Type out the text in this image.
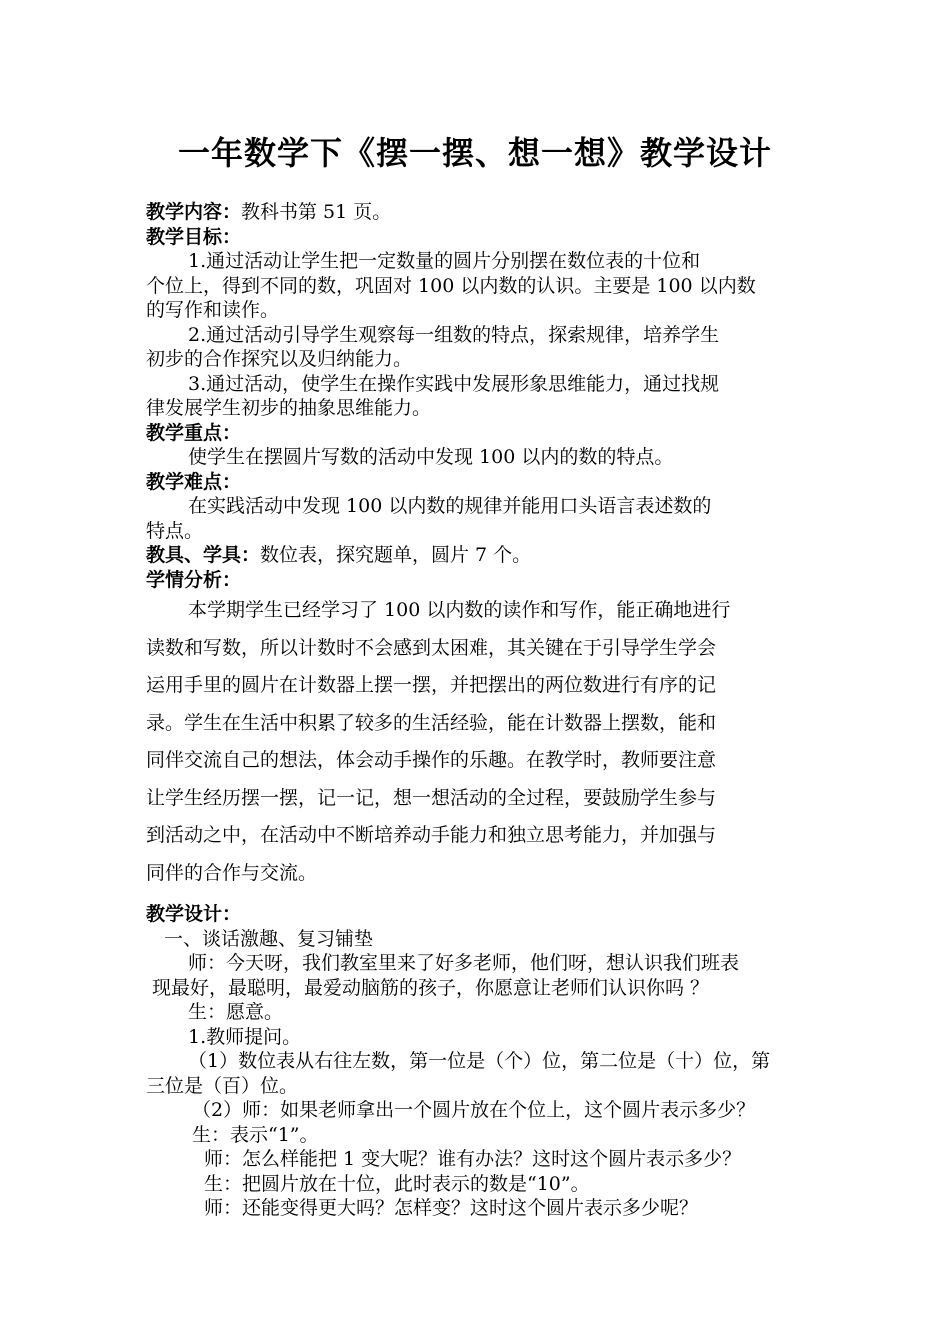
一年数学下《摆一摆、想一想》教学设计
教学内容：教科书第 51 页。
教学目标：
1.通过活动让学生把一定数量的圆片分别摆在数位表的十位和
个位上，得到不同的数，巩固对 100 以内数的认识。主要是 100 以内数
的写作和读作。
2.通过活动引导学生观察每一组数的特点，探索规律，培养学生
初步的合作探究以及归纳能力。
3.通过活动，使学生在操作实践中发展形象思维能力，通过找规
律发展学生初步的抽象思维能力。
教学重点：
使学生在摆圆片写数的活动中发现 100 以内的数的特点。
教学难点：
在实践活动中发现 100 以内数的规律并能用口头语言表述数的
特点。
教具、学具：数位表，探究题单，圆片 7 个。
学情分析：
本学期学生已经学习了 100 以内数的读作和写作，能正确地进行
读数和写数，所以计数时不会感到太困难，其关键在于引导学生学会
运用手里的圆片在计数器上摆一摆，并把摆出的两位数进行有序的记
录。学生在生活中积累了较多的生活经验，能在计数器上摆数，能和
同伴交流自己的想法，体会动手操作的乐趣。在教学时，教师要注意
让学生经历摆一摆，记一记，想一想活动的全过程，要鼓励学生参与
到活动之中，在活动中不断培养动手能力和独立思考能力，并加强与
同伴的合作与交流。
教学设计：
一、谈话激趣、复习铺垫
师：今天呀，我们教室里来了好多老师，他们呀，想认识我们班表
现最好，最聪明，最爱动脑筋的孩子，你愿意让老师们认识你吗 ？
生：愿意。
1.教师提问。
（1）数位表从右往左数，第一位是（个）位，第二位是（十）位，第
三位是（百）位。
（2）师：如果老师拿出一个圆片放在个位上，这个圆片表示多少？
生：表示“1”。
师：怎么样能把 1 变大呢？谁有办法？这时这个圆片表示多少？
生：把圆片放在十位，此时表示的数是“10”。
师：还能变得更大吗？怎样变？这时这个圆片表示多少呢？
